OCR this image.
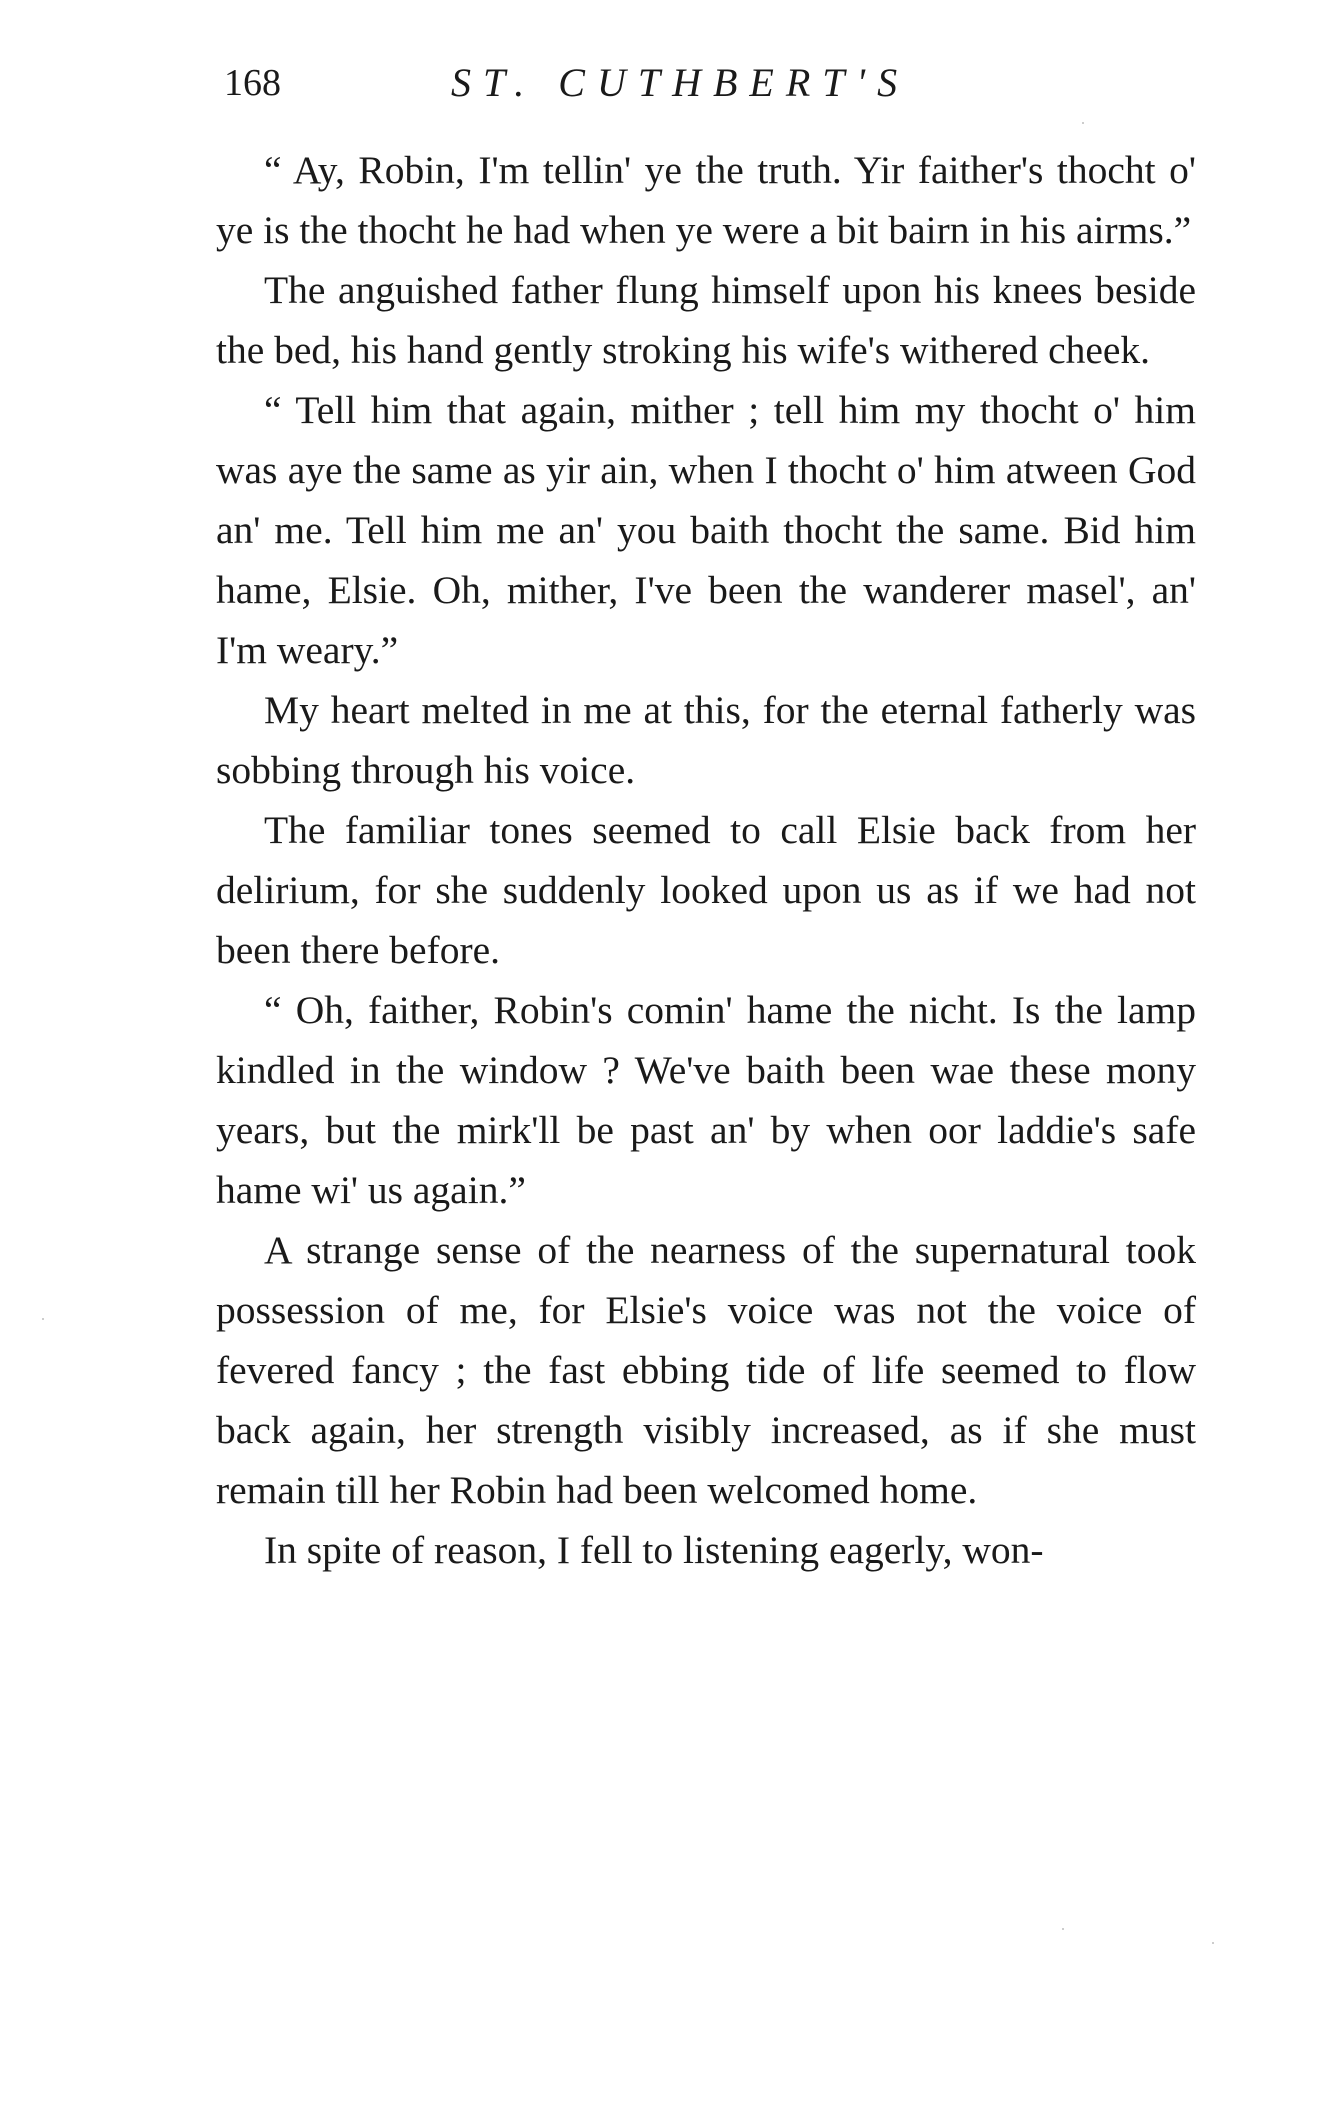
168	ST. CUTHBERT'S

“ Ay, Robin, I'm tellin' ye the truth. Yir faither's thocht o' ye is the thocht he had when ye were a bit bairn in his airms.”

The anguished father flung himself upon his knees beside the bed, his hand gently stroking his wife's withered cheek.

“ Tell him that again, mither ; tell him my thocht o' him was aye the same as yir ain, when I thocht o' him atween God an' me. Tell him me an' you baith thocht the same. Bid him hame, Elsie. Oh, mither, I've been the wanderer masel', an' I'm weary.”

My heart melted in me at this, for the eternal fatherly was sobbing through his voice.

The familiar tones seemed to call Elsie back from her delirium, for she suddenly looked upon us as if we had not been there before.

“ Oh, faither, Robin's comin' hame the nicht. Is the lamp kindled in the window ? We've baith been wae these mony years, but the mirk'll be past an' by when oor laddie's safe hame wi' us again.”

A strange sense of the nearness of the supernatural took possession of me, for Elsie's voice was not the voice of fevered fancy ; the fast ebbing tide of life seemed to flow back again, her strength visibly increased, as if she must remain till her Robin had been welcomed home.

In spite of reason, I fell to listening eagerly, won-
